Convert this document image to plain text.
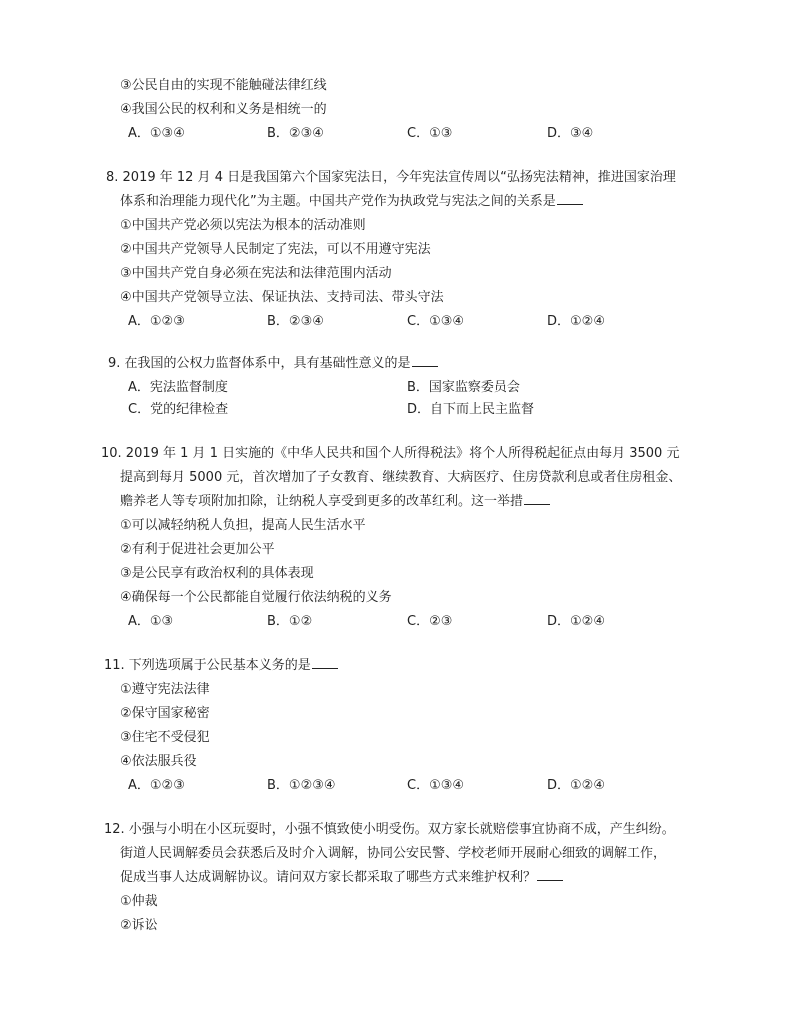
③公民自由的实现不能触碰法律红线
④我国公民的权利和义务是相统一的
A．①③④	B．②③④	C．①③	D．③④
8. 2019 年 12 月 4 日是我国第六个国家宪法日，今年宪法宣传周以“弘扬宪法精神，推进国家治理
体系和治理能力现代化”为主题。中国共产党作为执政党与宪法之间的关系是
①中国共产党必须以宪法为根本的活动准则
②中国共产党领导人民制定了宪法，可以不用遵守宪法
③中国共产党自身必须在宪法和法律范围内活动
④中国共产党领导立法、保证执法、支持司法、带头守法
A．①②③	B．②③④	C．①③④	D．①②④
9. 在我国的公权力监督体系中，具有基础性意义的是
A．宪法监督制度	B．国家监察委员会
C．党的纪律检查	D．自下而上民主监督
10. 2019 年 1 月 1 日实施的《中华人民共和国个人所得税法》将个人所得税起征点由每月 3500 元
提高到每月 5000 元，首次增加了子女教育、继续教育、大病医疗、住房贷款利息或者住房租金、
赡养老人等专项附加扣除，让纳税人享受到更多的改革红利。这一举措
①可以减轻纳税人负担，提高人民生活水平
②有利于促进社会更加公平
③是公民享有政治权利的具体表现
④确保每一个公民都能自觉履行依法纳税的义务
A．①③	B．①②	C．②③	D．①②④
11. 下列选项属于公民基本义务的是
①遵守宪法法律
②保守国家秘密
③住宅不受侵犯
④依法服兵役
A．①②③	B．①②③④	C．①③④	D．①②④
12. 小强与小明在小区玩耍时，小强不慎致使小明受伤。双方家长就赔偿事宜协商不成，产生纠纷。
街道人民调解委员会获悉后及时介入调解，协同公安民警、学校老师开展耐心细致的调解工作，
促成当事人达成调解协议。请问双方家长都采取了哪些方式来维护权利？
①仲裁
②诉讼
